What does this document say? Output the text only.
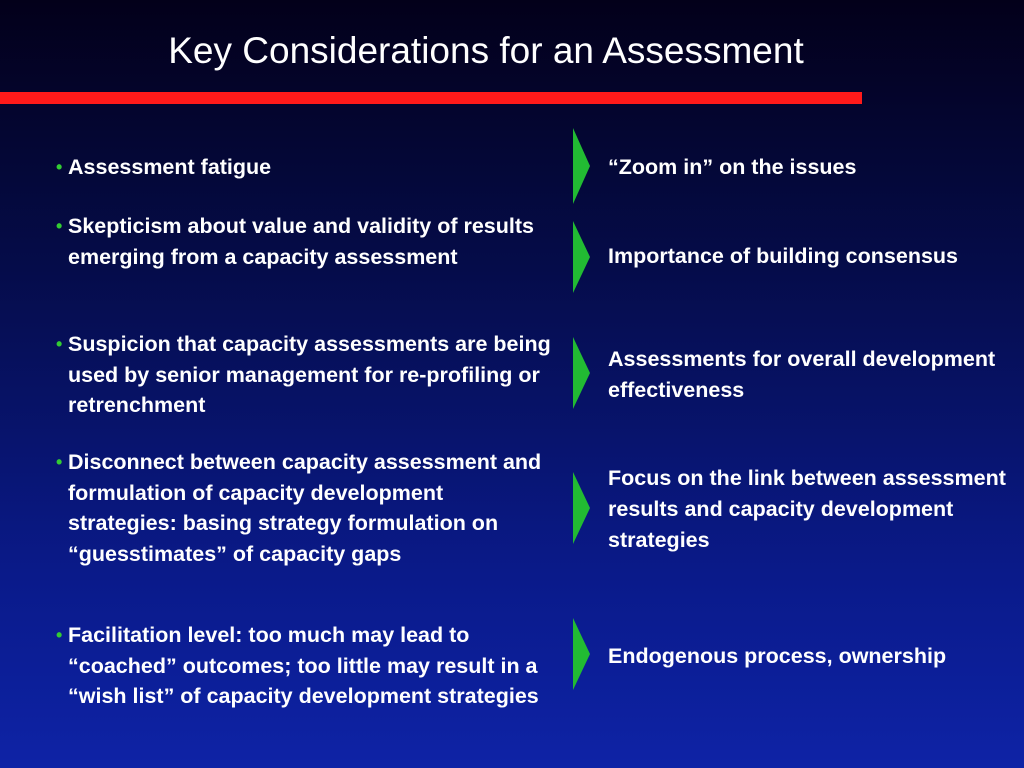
Key Considerations for an Assessment
• Assessment fatigue	“Zoom in” on the issues
• Skepticism about value and validity of results emerging from a capacity assessment	Importance of building consensus
• Suspicion that capacity assessments are being used by senior management for re-profiling or retrenchment
Assessments for overall development effectiveness
• Disconnect between capacity assessment and formulation of capacity development strategies: basing strategy formulation on “guesstimates” of capacity gaps
Focus on the link between assessment results and capacity development strategies
• Facilitation level: too much may lead to “coached” outcomes; too little may result in a “wish list” of capacity development strategies
Endogenous process, ownership
